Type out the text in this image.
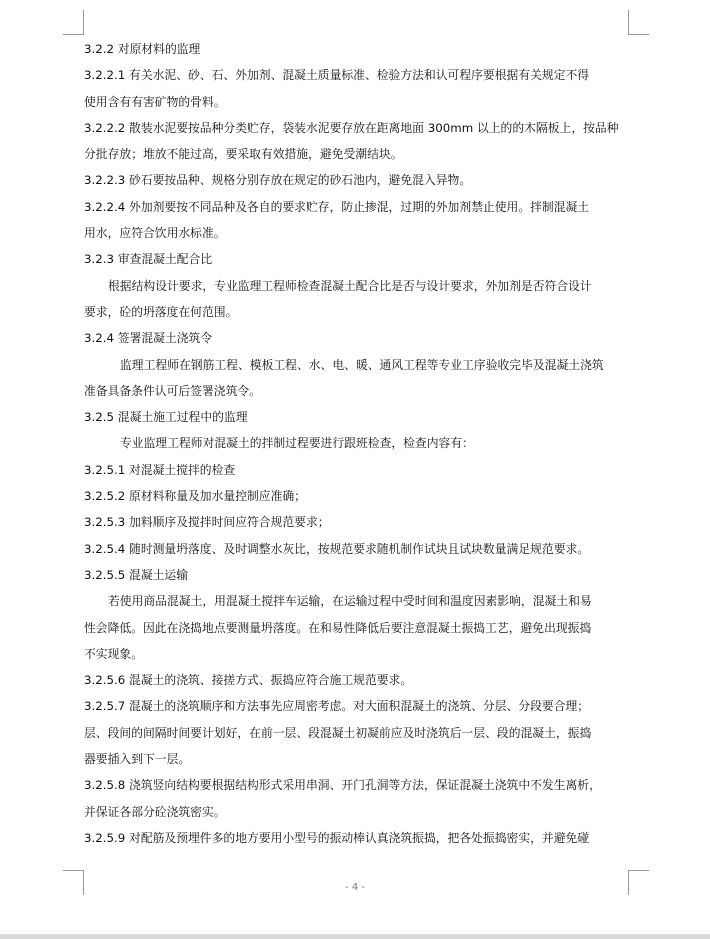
3.2.2 对原材料的监理

3.2.2.1 有关水泥、砂、石、外加剂、混凝土质量标准、检验方法和认可程序要根据有关规定不得

使用含有有害矿物的骨料。

3.2.2.2 散装水泥要按品种分类贮存，袋装水泥要存放在距离地面 300mm 以上的的木隔板上，按品种

分批存放；堆放不能过高，要采取有效措施，避免受潮结块。

3.2.2.3 砂石要按品种、规格分别存放在规定的砂石池内，避免混入异物。

3.2.2.4 外加剂要按不同品种及各自的要求贮存，防止掺混，过期的外加剂禁止使用。拌制混凝土

用水，应符合饮用水标准。

3.2.3 审查混凝土配合比

根据结构设计要求，专业监理工程师检查混凝土配合比是否与设计要求，外加剂是否符合设计

要求，砼的坍落度在何范围。

3.2.4 签署混凝土浇筑令

监理工程师在钢筋工程、模板工程、水、电、暖、通风工程等专业工序验收完毕及混凝土浇筑

准备具备条件认可后签署浇筑令。

3.2.5 混凝土施工过程中的监理

专业监理工程师对混凝土的拌制过程要进行跟班检查，检查内容有：

3.2.5.1 对混凝土搅拌的检查

3.2.5.2 原材料称量及加水量控制应准确；

3.2.5.3 加料顺序及搅拌时间应符合规范要求；

3.2.5.4 随时测量坍落度、及时调整水灰比，按规范要求随机制作试块且试块数量满足规范要求。

3.2.5.5 混凝土运输

若使用商品混凝土，用混凝土搅拌车运输，在运输过程中受时间和温度因素影响，混凝土和易

性会降低。因此在浇捣地点要测量坍落度。在和易性降低后要注意混凝土振捣工艺，避免出现振捣

不实现象。

3.2.5.6 混凝土的浇筑、接搓方式、振捣应符合施工规范要求。

3.2.5.7 混凝土的浇筑顺序和方法事先应周密考虑。对大面积混凝土的浇筑、分层、分段要合理；

层、段间的间隔时间要计划好，在前一层、段混凝土初凝前应及时浇筑后一层、段的混凝土，振捣

器要插入到下一层。

3.2.5.8 浇筑竖向结构要根据结构形式采用串洞、开门孔洞等方法，保证混凝土浇筑中不发生离析，

并保证各部分砼浇筑密实。

3.2.5.9 对配筋及预埋件多的地方要用小型号的振动棒认真浇筑振捣，把各处振捣密实，并避免碰

- 4 -
